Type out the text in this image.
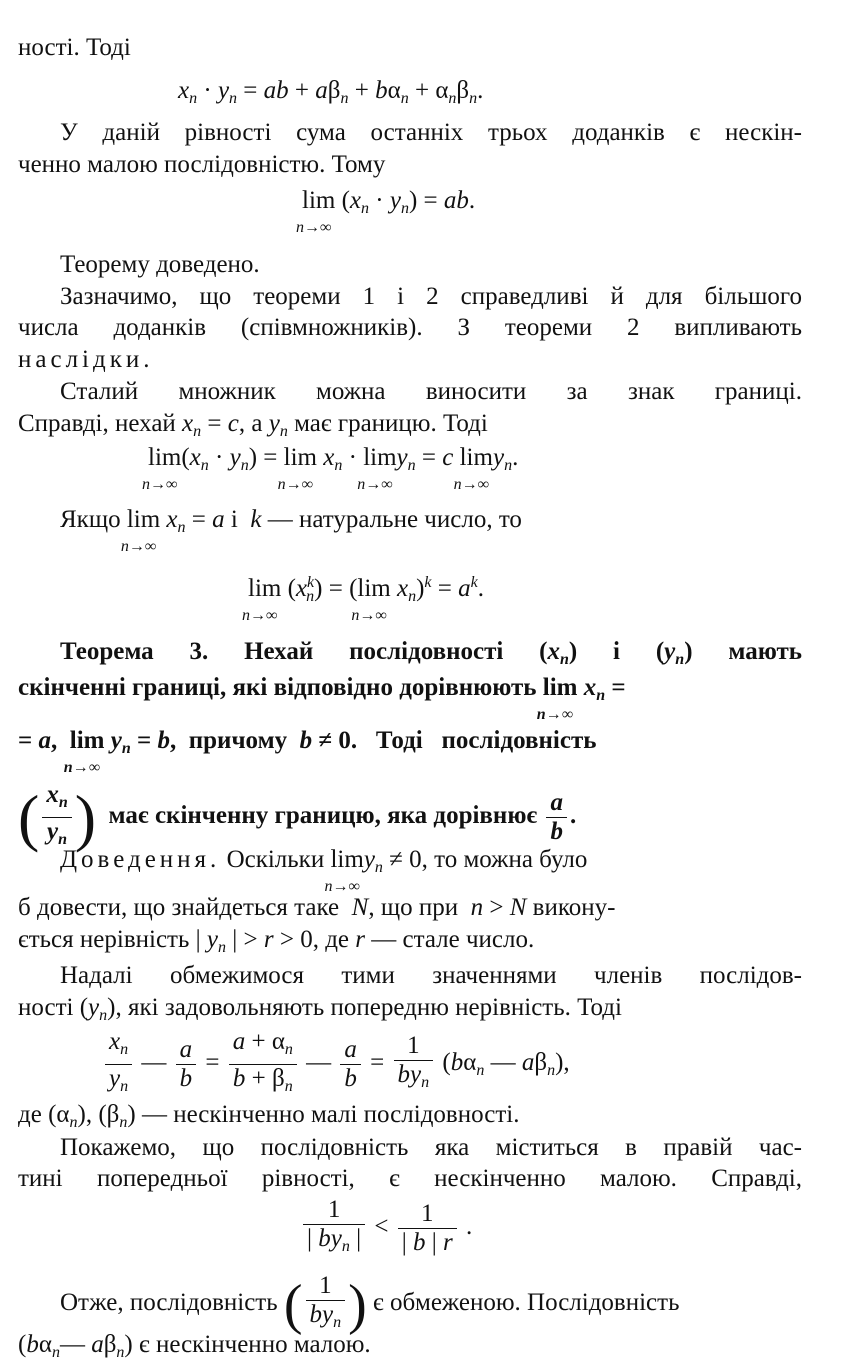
ності. Тоді
$x_n \cdot y_n$ = ab + $a\beta_n + b\alpha_n + \alpha_n\beta_n$.
У даній рівності сума останніх трьох доданків є нескін-
ченно малою послідовністю. Тому
lim
n→∞
$(x_n \cdot y_n)$ = ab.
Теорему доведено.
Зазначимо, що теореми 1 і 2 справедливі й для більшого
числа доданків (співмножників). З теореми 2 випливають
наслідки.
Сталий множник можна виносити за знак границі.
Справді, нехай $x_n = c$, а $y_n$ має границю. Тоді
lim
n→∞
$(x_n \cdot y_n) = \lim$
n→∞
$x_n \cdot \lim$
n→∞
$y_n = c$ lim
n→∞
$y_n$.
Якщо lim
n→∞
$x_n = a$ і  k — натуральне число, то
lim
n→∞
$(x^k_n) = (\lim$
n→∞
$x_n)^k = a^k$.
Теорема 3. Нехай послідовності $(x_n)$ і $(y_n)$ мають
скінченні границі, які відповідно дорівнюють lim
n→∞
$x_n$ =
= a,  lim
n→∞
$y_n = b$,  причому  b ≠ 0.   Тоді   послідовність
( $\frac{x_n}{y_n}$ )  має скінченну границю, яка дорівнює $\frac{a}{b}$ .
Доведення. Оскільки lim
n→∞
$y_n \ne 0$, то можна було
б довести, що знайдеться таке  N, що при  n > N викону-
ється нерівність | $y_n$ | > r > 0, де r — стале число.
Надалі обмежимося тими значеннями членів послідов-
ності $(y_n)$, які задовольняють попередню нерівність. Тоді
$\frac{x_n}{y_n}$ — $\frac{a}{b} = \frac{a + \alpha_n}{b + \beta_n}$ — $\frac{a}{b} = \frac{1}{by_n} (b\alpha_n$ — $a\beta_n$),
де $(\alpha_n)$, $(\beta_n)$ — нескінченно малі послідовності.
Покажемо, що послідовність яка міститься в правій час-
тині попередньої рівності, є нескінченно малою. Справді,
$\frac{1}{| by_n |} < \frac{1}{| b | r}$ .
Отже, послідовність ( $\frac{1}{by_n}$ ) є обмеженою. Послідовність
($b\alpha_n—$ $a\beta_n$) є нескінченно малою.
